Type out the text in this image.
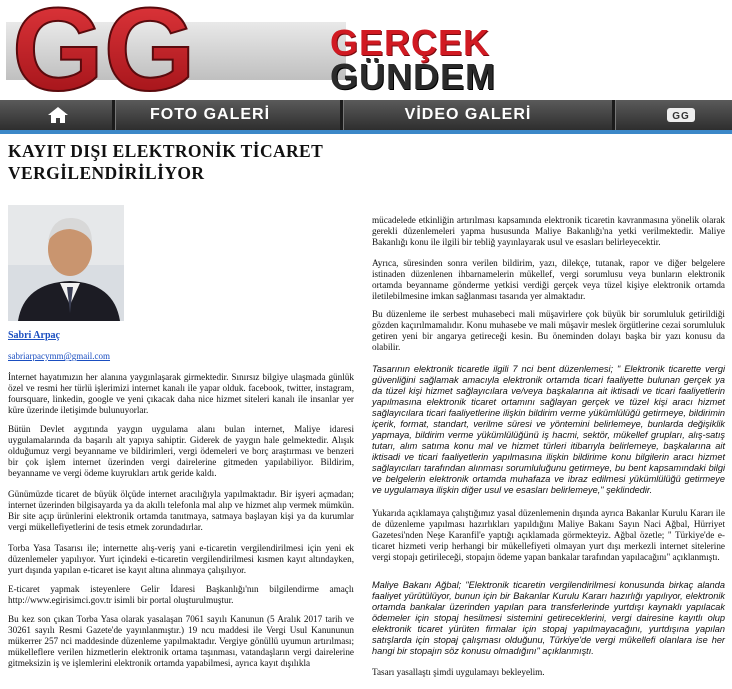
GG	GERÇEK
GÜNDEM
FOTO GALERİ	VİDEO GALERİ	GG
KAYIT DIŞI ELEKTRONİK TİCARET VERGİLENDİRİLİYOR
Sabri Arpaç
sabriarpacymm@gmail.com

İnternet hayatımızın her alanına yaygınlaşarak girmektedir. Sınırsız bilgiye ulaşmada günlük özel ve resmi her türlü işlerimizi internet kanalı ile yapar olduk. facebook, twitter, instagram, foursquare, linkedin, google ve yeni çıkacak daha nice hizmet siteleri kanalı ile insanlar yer küre üzerinde iletişimde bulunuyorlar.

Bütün Devlet aygıtında yaygın uygulama alanı bulan internet, Maliye idaresi uygulamalarında da başarılı alt yapıya sahiptir. Giderek de yaygın hale gelmektedir. Alışık olduğumuz vergi beyanname ve bildirimleri, vergi ödemeleri ve borç araştırması ve benzeri bir çok işlem internet üzerinden vergi dairelerine gitmeden yapılabiliyor. Bildirim, beyanname ve vergi ödeme kuyrukları artık geride kaldı.

Günümüzde ticaret de büyük ölçüde internet aracılığıyla yapılmaktadır. Bir işyeri açmadan; internet üzerinden bilgisayarda ya da akıllı telefonla mal alıp ve hizmet alıp vermek mümkün. Bir site açıp ürünlerini elektronik ortamda tanıtmaya, satmaya başlayan kişi ya da kurumlar vergi mükellefiyetlerini de tesis etmek zorundadırlar.

Torba Yasa Tasarısı ile; internette alış-veriş yani e-ticaretin vergilendirilmesi için yeni ek düzenlemeler yapılıyor. Yurt içindeki e-ticaretin vergilendirilmesi kısmen kayıt altındayken, yurt dışında yapılan e-ticaret ise kayıt altına alınmaya çalışılıyor.

E-ticaret yapmak isteyenlere Gelir İdaresi Başkanlığı'nın bilgilendirme amaçlı http://www.egirisimci.gov.tr isimli bir portal oluşturulmuştur.

Bu kez son çıkan Torba Yasa olarak yasalaşan 7061 sayılı Kanunun (5 Aralık 2017 tarih ve 30261 sayılı Resmi Gazete'de yayınlanmıştır.) 19 ncu maddesi ile Vergi Usul Kanununun mükerrer 257 nci maddesinde düzenleme yapılmaktadır. Vergiye gönüllü uyumun artırılması; mükelleflere verilen hizmetlerin elektronik ortama taşınması, vatandaşların vergi dairelerine gitmeksizin iş ve işlemlerini elektronik ortamda yapabilmesi, ayrıca kayıt dışılıkla

mücadelede etkinliğin artırılması kapsamında elektronik ticaretin kavranmasına yönelik olarak gerekli düzenlemeleri yapma hususunda Maliye Bakanlığı'na yetki verilmektedir. Maliye Bakanlığı konu ile ilgili bir tebliğ yayınlayarak usul ve esasları belirleyecektir.

Ayrıca, süresinden sonra verilen bildirim, yazı, dilekçe, tutanak, rapor ve diğer belgelere istinaden düzenlenen ihbarnamelerin mükellef, vergi sorumlusu veya bunların elektronik ortamda beyanname gönderme yetkisi verdiği gerçek veya tüzel kişiye elektronik ortamda iletilebilmesine imkan sağlanması tasarıda yer almaktadır.

Bu düzenleme ile serbest muhasebeci mali müşavirlere çok büyük bir sorumluluk getirildiği gözden kaçırılmamalıdır. Konu muhasebe ve mali müşavir meslek örgütlerine cezai sorumluluk getiren yeni bir angarya getireceği kesin. Bu öneminden dolayı başka bir yazı konusu da olabilir.

Tasarının elektronik ticaretle ilgili 7 nci bent düzenlemesi; " Elektronik ticarette vergi güvenliğini sağlamak amacıyla elektronik ortamda ticari faaliyette bulunan gerçek ya da tüzel kişi hizmet sağlayıcılara ve/veya başkalarına ait iktisadi ve ticari faaliyetlerin yapılmasına elektronik ticaret ortamını sağlayan gerçek ve tüzel kişi aracı hizmet sağlayıcılara ticari faaliyetlerine ilişkin bildirim verme yükümlülüğü getirmeye, bildirimin içerik, format, standart, verilme süresi ve yöntemini belirlemeye, bunlarda değişiklik yapmaya, bildirim verme yükümlülüğünü iş hacmi, sektör, mükellef grupları, alış-satış tutarı, alım satıma konu mal ve hizmet türleri itibarıyla belirlemeye, başkalarına ait iktisadi ve ticari faaliyetlerin yapılmasına ilişkin bildirime konu bilgilerin aracı hizmet sağlayıcıları tarafından alınması sorumluluğunu getirmeye, bu bent kapsamındaki bilgi ve belgelerin elektronik ortamda muhafaza ve ibraz edilmesi yükümlülüğü getirmeye ve uygulamaya ilişkin diğer usul ve esasları belirlemeye," şeklindedir.

Yukarıda açıklamaya çalıştığımız yasal düzenlemenin dışında ayrıca Bakanlar Kurulu Kararı ile de düzenleme yapılması hazırlıkları yapıldığını Maliye Bakanı Sayın Naci Ağbal, Hürriyet Gazetesi'nden Neşe Karanfil'e yaptığı açıklamada görmekteyiz. Ağbal özetle; " Türkiye'de e-ticaret hizmeti verip herhangi bir mükellefiyeti olmayan yurt dışı merkezli internet sitelerine vergi stopajı getirileceği, stopajın ödeme yapan bankalar tarafından yapılacağını" açıklanmıştı.

Maliye Bakanı Ağbal; "Elektronik ticaretin vergilendirilmesi konusunda birkaç alanda faaliyet yürütülüyor, bunun için bir Bakanlar Kurulu Kararı hazırlığı yapılıyor, elektronik ortamda bankalar üzerinden yapılan para transferlerinde yurtdışı kaynaklı yapılacak ödemeler için stopaj hesilmesi sistemini getireceklerini, vergi dairesine kayıtlı olup elektronik ticaret yürüten firmalar için stopaj yapılmayacağını, yurtdışına yapılan satışlarda için stopaj çalışması olduğunu, Türkiye'de vergi mükellefi olanlara ise her hangi bir stopajın söz konusu olmadığını" açıklanmıştı.

Tasarı yasallaştı şimdi uygulamayı bekleyelim.
